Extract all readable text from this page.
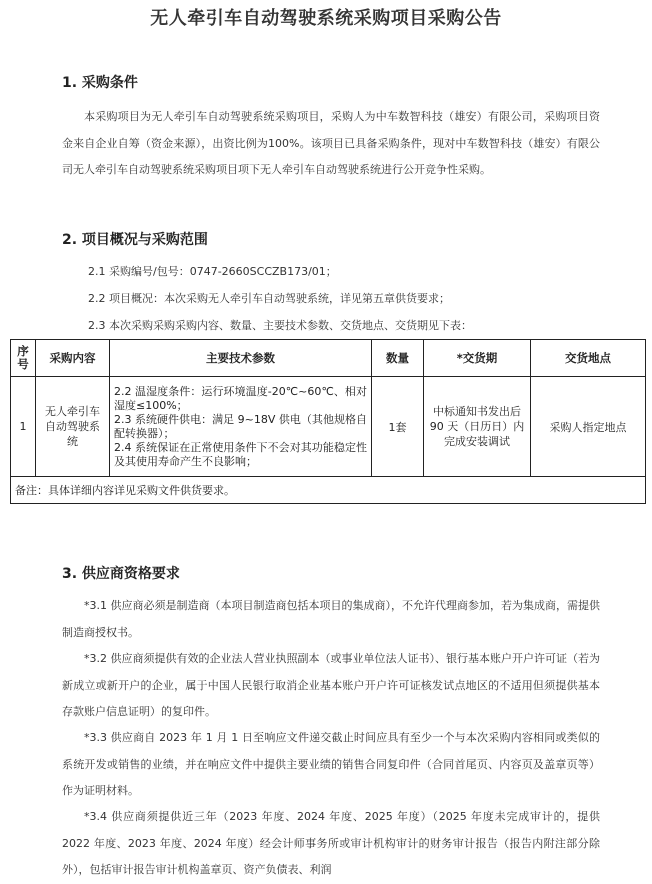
无人牵引车自动驾驶系统采购项目采购公告
1. 采购条件

本采购项目为无人牵引车自动驾驶系统采购项目，采购人为中车数智科技（雄安）有限公司，采购项目资金来自企业自筹（资金来源），出资比例为100%。该项目已具备采购条件，现对中车数智科技（雄安）有限公司无人牵引车自动驾驶系统采购项目项下无人牵引车自动驾驶系统进行公开竞争性采购。

2. 项目概况与采购范围
2.1 采购编号/包号：0747-2660SCCZB173/01；
2.2 项目概况：本次采购无人牵引车自动驾驶系统，详见第五章供货要求；
2.3 本次采购采购采购内容、数量、主要技术参数、交货地点、交货期见下表：
序号	采购内容	主要技术参数	数量	*交货期	交货地点
1	无人牵引车自动驾驶系统	2.2 温湿度条件：运行环境温度-20℃~60℃、相对湿度≤100%；

2.3 系统硬件供电：满足 9~18V 供电（其他规格自配转换器）；

2.4 系统保证在正常使用条件下不会对其功能稳定性及其使用寿命产生不良影响；	1套	中标通知书发出后 90 天（日历日）内完成安装调试	采购人指定地点
备注：具体详细内容详见采购文件供货要求。					
3. 供应商资格要求

*3.1 供应商必须是制造商（本项目制造商包括本项目的集成商），不允许代理商参加，若为集成商，需提供制造商授权书。

*3.2 供应商须提供有效的企业法人营业执照副本（或事业单位法人证书）、银行基本账户开户许可证（若为新成立或新开户的企业，属于中国人民银行取消企业基本账户开户许可证核发试点地区的不适用但须提供基本存款账户信息证明）的复印件。

*3.3 供应商自 2023 年 1 月 1 日至响应文件递交截止时间应具有至少一个与本次采购内容相同或类似的系统开发或销售的业绩，并在响应文件中提供主要业绩的销售合同复印件（合同首尾页、内容页及盖章页等）作为证明材料。

*3.4 供应商须提供近三年（2023 年度、2024 年度、2025 年度）（2025 年度未完成审计的，提供 2022 年度、2023 年度、2024 年度）经会计师事务所或审计机构审计的财务审计报告（报告内附注部分除外），包括审计报告审计机构盖章页、资产负债表、利润
